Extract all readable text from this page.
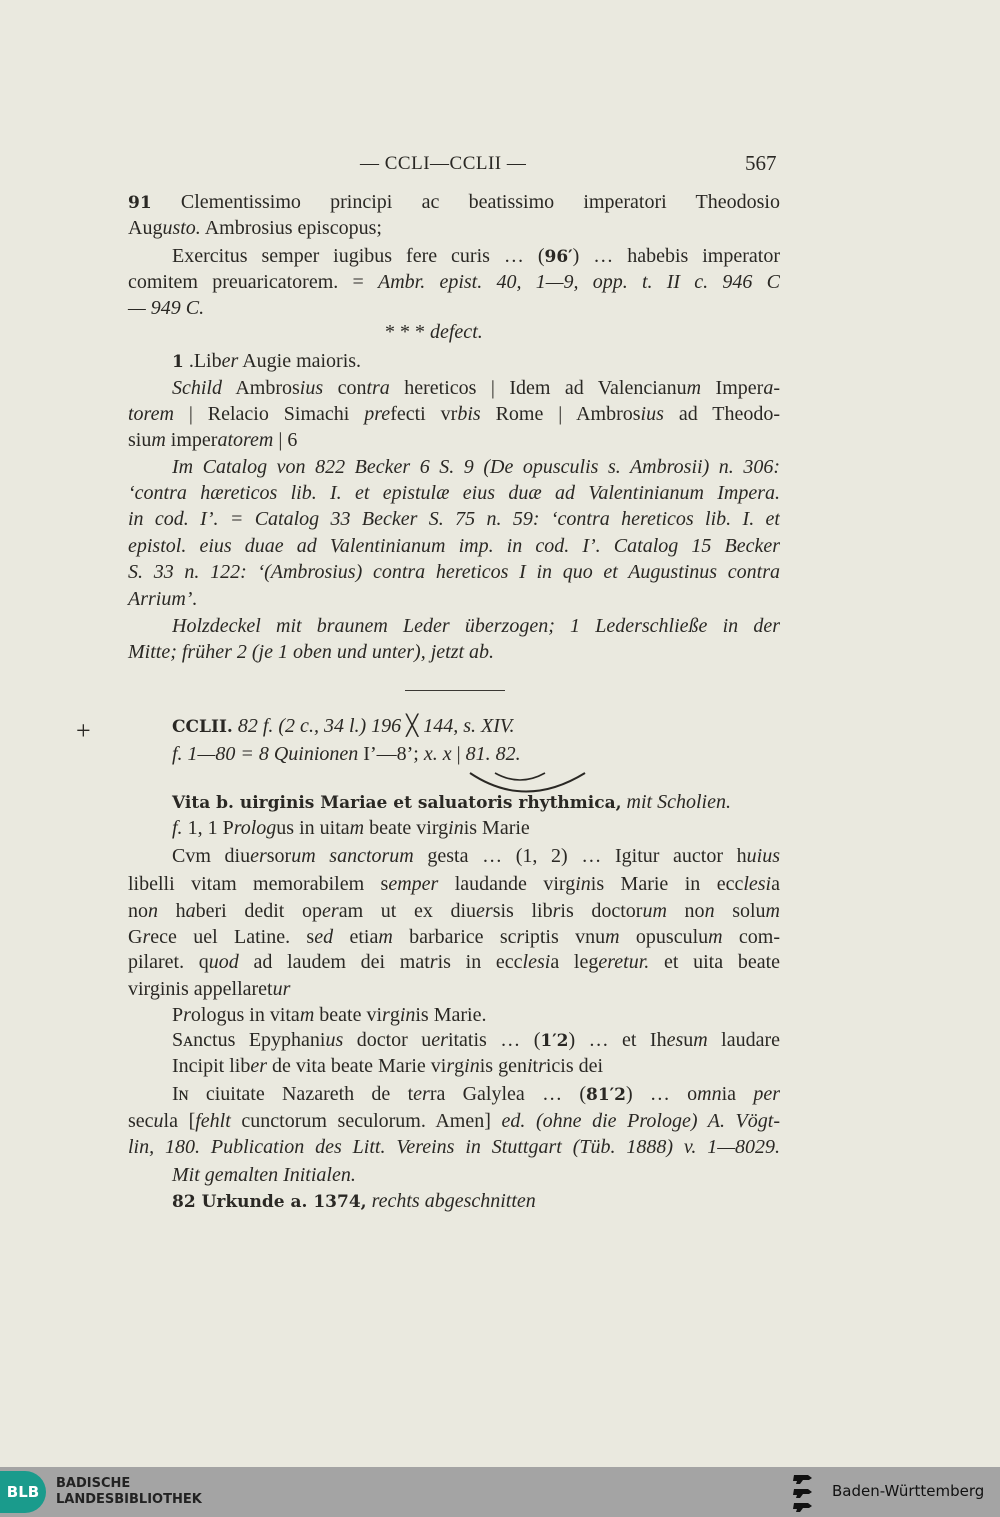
— CCLI—CCLII —	567
91 Clementissimo principi ac beatissimo imperatori Theodosio
Augusto. Ambrosius episcopus;
Exercitus semper iugibus fere curis … (96′) … habebis imperator
comitem preuaricatorem. = Ambr. epist. 40, 1—9, opp. t. II c. 946 C
— 949 C.
* * * defect.
1 .Liber Augie maioris.
Schild Ambrosius contra hereticos | Idem ad Valencianum Impera-
torem | Relacio Simachi prefecti vrbis Rome | Ambrosius ad Theodo-
sium imperatorem | 6
Im Catalog von 822 Becker 6 S. 9 (De opusculis s. Ambrosii) n. 306:
‘contra hæreticos lib. I. et epistulæ eius duæ ad Valentinianum Impera.
in cod. I’. = Catalog 33 Becker S. 75 n. 59: ‘contra hereticos lib. I. et
epistol. eius duae ad Valentinianum imp. in cod. I’. Catalog 15 Becker
S. 33 n. 122: ‘(Ambrosius) contra hereticos I in quo et Augustinus contra
Arrium’.
Holzdeckel mit braunem Leder überzogen; 1 Lederschließe in der
Mitte; früher 2 (je 1 oben und unter), jetzt ab.
CCLII. 82 f. (2 c., 34 l.) 196 ╳ 144, s. XIV.
f. 1—80 = 8 Quinionen I’—8’; x. x | 81. 82.
Vita b. uirginis Mariae et saluatoris rhythmica, mit Scholien.
f. 1, 1 Prologus in uitam beate virginis Marie
Cvm diuersorum sanctorum gesta … (1, 2) … Igitur auctor huius
libelli vitam memorabilem semper laudande virginis Marie in ecclesia
non haberi dedit operam ut ex diuersis libris doctorum non solum
Grece uel Latine. sed etiam barbarice scriptis vnum opusculum com-
pilaret. quod ad laudem dei matris in ecclesia legeretur. et uita beate
virginis appellaretur
Prologus in vitam beate virginis Marie.
Sᴀnctus Epyphanius doctor ueritatis … (1′2) … et Ihesum laudare
Incipit liber de vita beate Marie virginis genitricis dei
Iɴ ciuitate Nazareth de terra Galylea … (81′2) … omnia per
secula [fehlt cunctorum seculorum. Amen] ed. (ohne die Prologe) A. Vögt-
lin, 180. Publication des Litt. Vereins in Stuttgart (Tüb. 1888) v. 1—8029.
Mit gemalten Initialen.
82 Urkunde a. 1374, rechts abgeschnitten
+
BLB	BADISCHE
LANDESBIBLIOTHEK	Baden-Württemberg
